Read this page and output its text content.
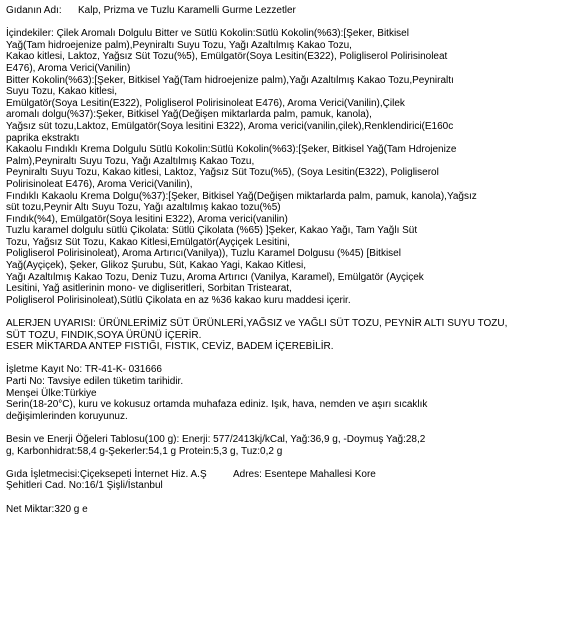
Gıdanın Adı:	Kalp, Prizma ve Tuzlu Karamelli Gurme Lezzetler
İçindekiler: Çilek Aromalı Dolgulu Bitter ve Sütlü Kokolin:Sütlü Kokolin(%63):[Şeker, Bitkisel
Yağ(Tam hidroejenize palm),Peyniraltı Suyu Tozu, Yağı Azaltılmış Kakao Tozu,
Kakao kitlesi, Laktoz, Yağsız Süt Tozu(%5), Emülgatör(Soya Lesitin(E322), Poligliserol Polirisinoleat
E476), Aroma Verici(Vanilin)
Bitter Kokolin(%63):[Şeker, Bitkisel Yağ(Tam hidroejenize palm),Yağı Azaltılmış Kakao Tozu,Peyniraltı
Suyu Tozu, Kakao kitlesi,
Emülgatör(Soya Lesitin(E322), Poligliserol Polirisinoleat E476), Aroma Verici(Vanilin),Çilek
aromalı dolgu(%37):Şeker, Bitkisel Yağ(Değişen miktarlarda palm, pamuk, kanola),
Yağsız süt tozu,Laktoz, Emülgatör(Soya lesitini E322), Aroma verici(vanilin,çilek),Renklendirici(E160c
paprika ekstraktı
Kakaolu Fındıklı Krema Dolgulu Sütlü Kokolin:Sütlü Kokolin(%63):[Şeker, Bitkisel Yağ(Tam Hdrojenize
Palm),Peyniraltı Suyu Tozu, Yağı Azaltılmış Kakao Tozu,
Peyniraltı Suyu Tozu, Kakao kitlesi, Laktoz, Yağsız Süt Tozu(%5), (Soya Lesitin(E322), Poligliserol
Polirisinoleat E476), Aroma Verici(Vanilin),
Fındıklı Kakaolu Krema Dolgu(%37):[Şeker, Bitkisel Yağ(Değişen miktarlarda palm, pamuk, kanola),Yağsız
süt tozu,Peynir Altı Suyu Tozu, Yağı azaltılmış kakao tozu(%5)
Fındık(%4), Emülgatör(Soya lesitini E322), Aroma verici(vanilin)
Tuzlu karamel dolgulu sütlü Çikolata: Sütlü Çikolata (%65) ]Şeker, Kakao Yağı, Tam Yağlı Süt
Tozu, Yağsız Süt Tozu, Kakao Kitlesi,Emülgatör(Ayçiçek Lesitini,
Poligliserol Polirisinoleat), Aroma Artırıcı(Vanilya)), Tuzlu Karamel Dolgusu (%45) [Bitkisel
Yağ(Ayçiçek), Şeker, Glikoz Şurubu, Süt, Kakao Yagi, Kakao Kitlesi,
Yağı Azaltılmış Kakao Tozu, Deniz Tuzu, Aroma Artırıcı (Vanilya, Karamel), Emülgatör (Ayçiçek
Lesitini, Yağ asitlerinin mono- ve digliseritleri, Sorbitan Tristearat,
Poligliserol Polirisinoleat),Sütlü Çikolata en az %36 kakao kuru maddesi içerir.
ALERJEN UYARISI: ÜRÜNLERİMİZ SÜT ÜRÜNLERİ,YAĞSIZ ve YAĞLI SÜT TOZU, PEYNİR ALTI SUYU TOZU,
SÜT TOZU, FINDIK,SOYA ÜRÜNÜ İÇERİR.
ESER MİKTARDA ANTEP FISTIĞI, FISTIK, CEVİZ, BADEM İÇEREBİLİR.
İşletme Kayıt No: TR-41-K- 031666
Parti No: Tavsiye edilen tüketim tarihidir.
Menşei Ülke:Türkiye
Serin(18-20°C), kuru ve kokusuz ortamda muhafaza ediniz. Işık, hava, nemden ve aşırı sıcaklık
değişimlerinden koruyunuz.
Besin ve Enerji Öğeleri Tablosu(100 g): Enerji: 577/2413kj/kCal, Yağ:36,9 g, -Doymuş Yağ:28,2
g, Karbonhidrat:58,4 g-Şekerler:54,1 g Protein:5,3 g, Tuz:0,2 g
Gıda İşletmecisi:Çiçeksepeti İnternet Hiz. A.Ş	Adres: Esentepe Mahallesi Kore
Şehitleri Cad. No:16/1 Şişli/İstanbul
Net Miktar:320 g e
